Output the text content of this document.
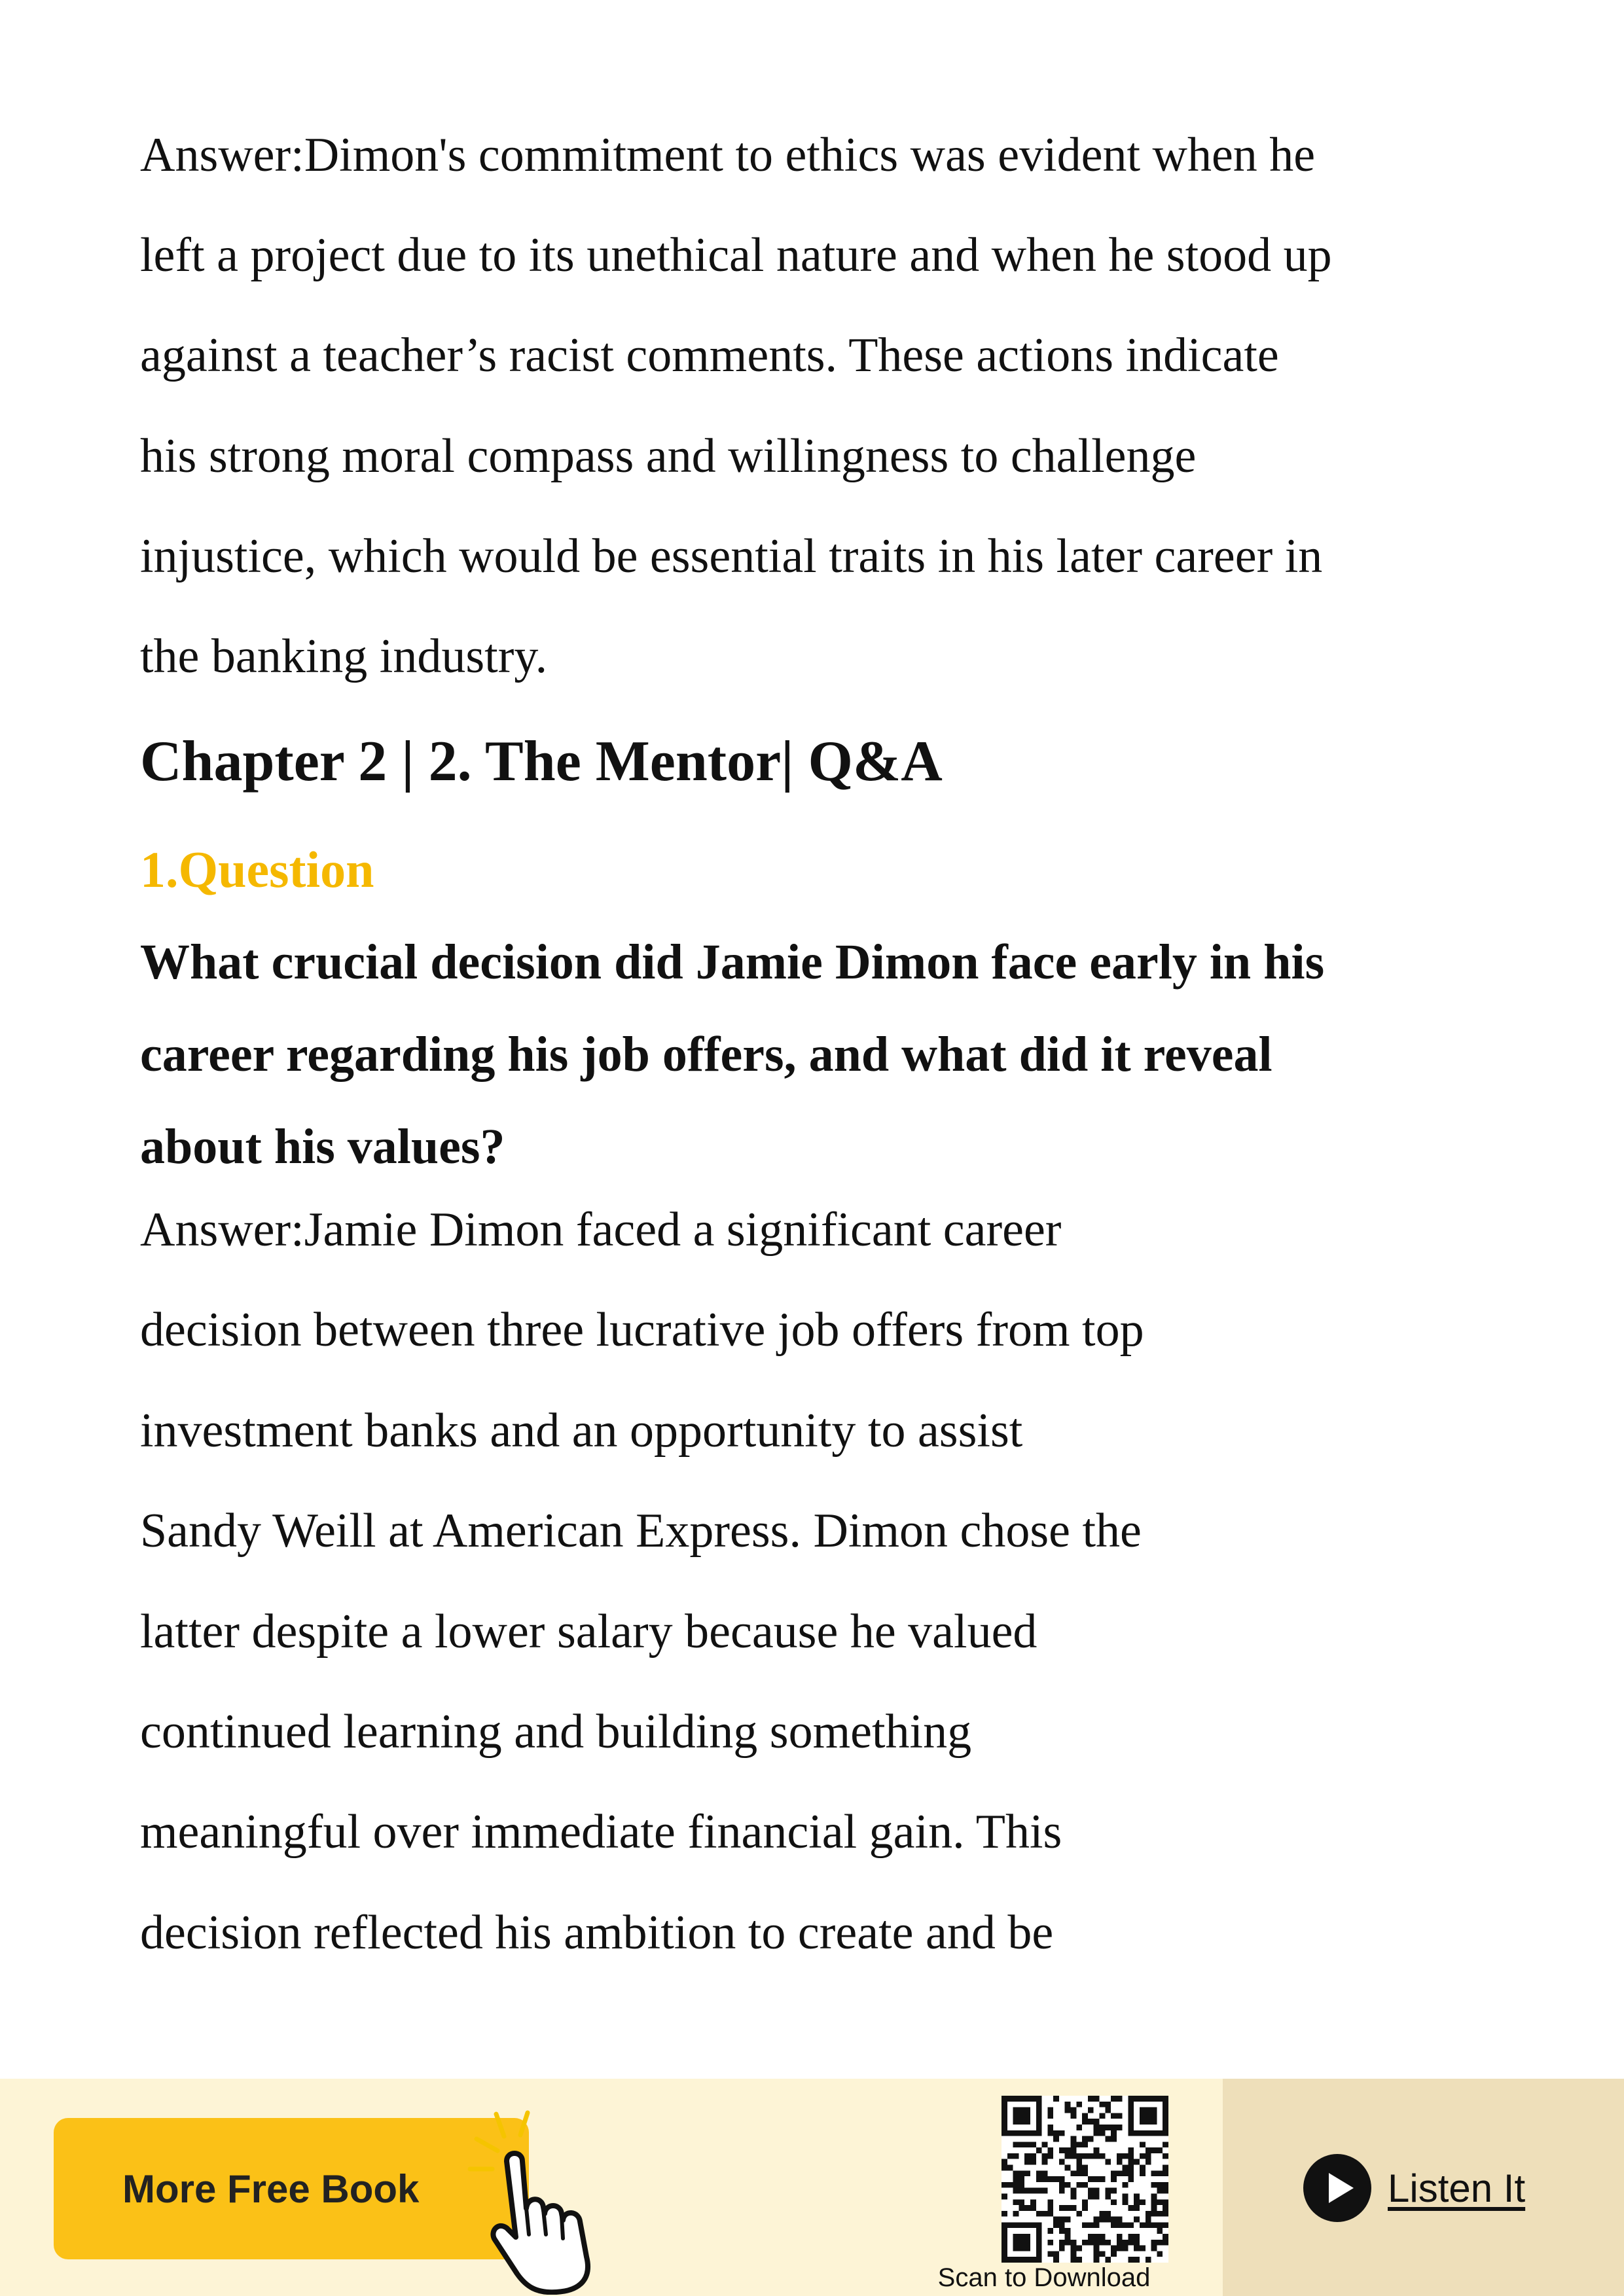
Answer:Dimon's commitment to ethics was evident when he
left a project due to its unethical nature and when he stood up
against a teacher’s racist comments. These actions indicate
his strong moral compass and willingness to challenge
injustice, which would be essential traits in his later career in
the banking industry.
Chapter 2 | 2. The Mentor| Q&A
1.Question
What crucial decision did Jamie Dimon face early in his
career regarding his job offers, and what did it reveal
about his values?
Answer:Jamie Dimon faced a significant career
decision between three lucrative job offers from top
investment banks and an opportunity to assist
Sandy Weill at American Express. Dimon chose the
latter despite a lower salary because he valued
continued learning and building something
meaningful over immediate financial gain. This
decision reflected his ambition to create and be
More Free Book
Scan to Download
Listen It
